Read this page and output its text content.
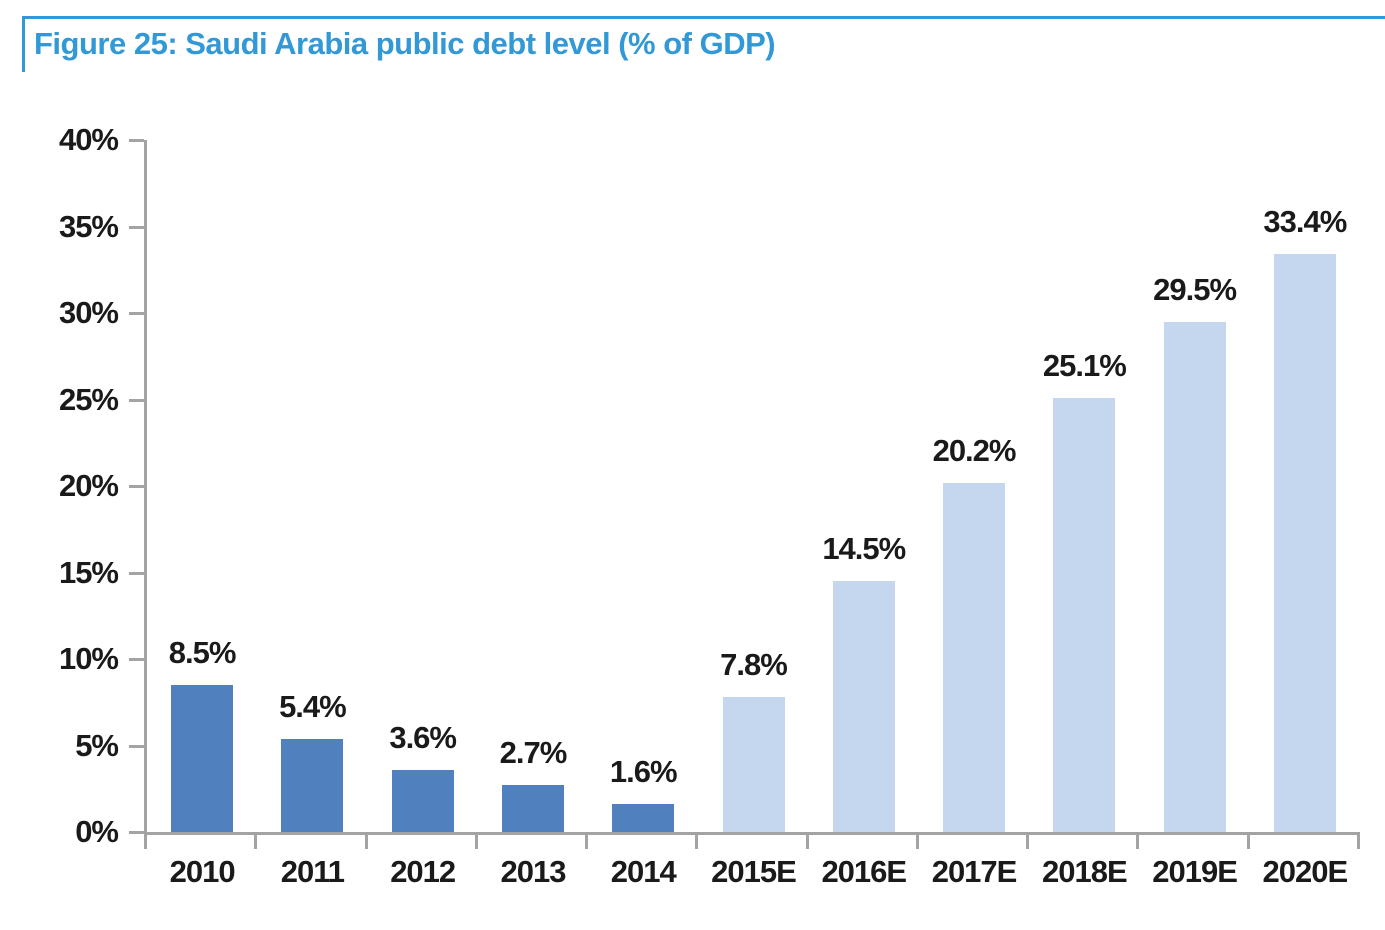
Figure 25: Saudi Arabia public debt level (% of GDP)
40%
35%
30%
25%
20%
15%
10%
5%
0%
8.5%
2010
5.4%
2011
3.6%
2012
2.7%
2013
1.6%
2014
7.8%
2015E
14.5%
2016E
20.2%
2017E
25.1%
2018E
29.5%
2019E
33.4%
2020E
